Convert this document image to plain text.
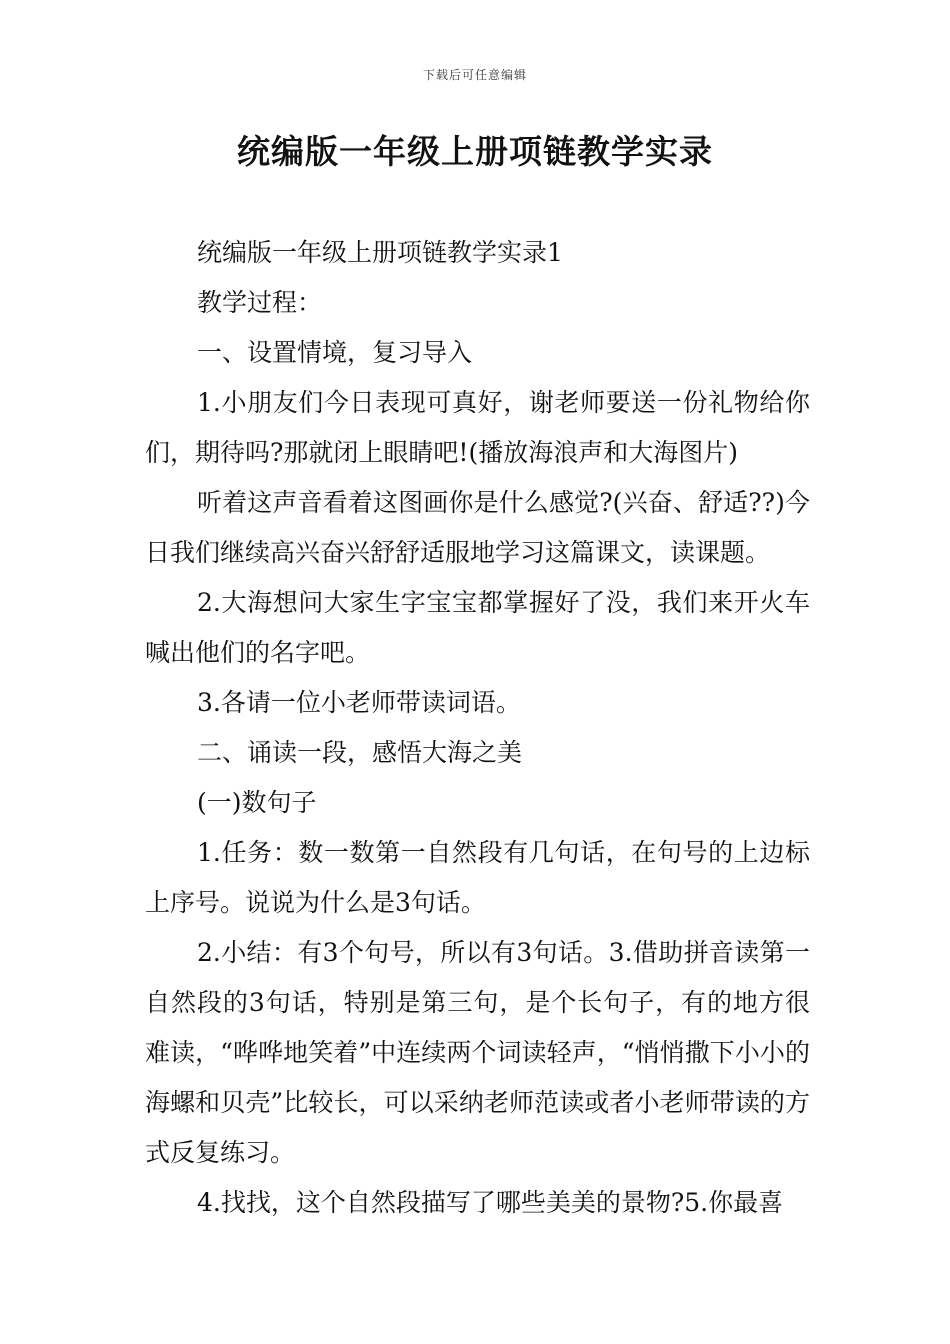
下载后可任意编辑
统编版一年级上册项链教学实录

统编版一年级上册项链教学实录1

教学过程：

一、设置情境，复习导入

1.小朋友们今日表现可真好，谢老师要送一份礼物给你们，期待吗?那就闭上眼睛吧!(播放海浪声和大海图片)

听着这声音看着这图画你是什么感觉?(兴奋、舒适??)今日我们继续高兴奋兴舒舒适服地学习这篇课文，读课题。

2.大海想问大家生字宝宝都掌握好了没，我们来开火车喊出他们的名字吧。

3.各请一位小老师带读词语。

二、诵读一段，感悟大海之美

(一)数句子

1.任务：数一数第一自然段有几句话，在句号的上边标上序号。说说为什么是3句话。

2.小结：有3个句号，所以有3句话。3.借助拼音读第一自然段的3句话，特别是第三句，是个长句子，有的地方很难读，“哗哗地笑着”中连续两个词读轻声，“悄悄撒下小小的海螺和贝壳”比较长，可以采纳老师范读或者小老师带读的方式反复练习。

4.找找，这个自然段描写了哪些美美的景物?5.你最喜
